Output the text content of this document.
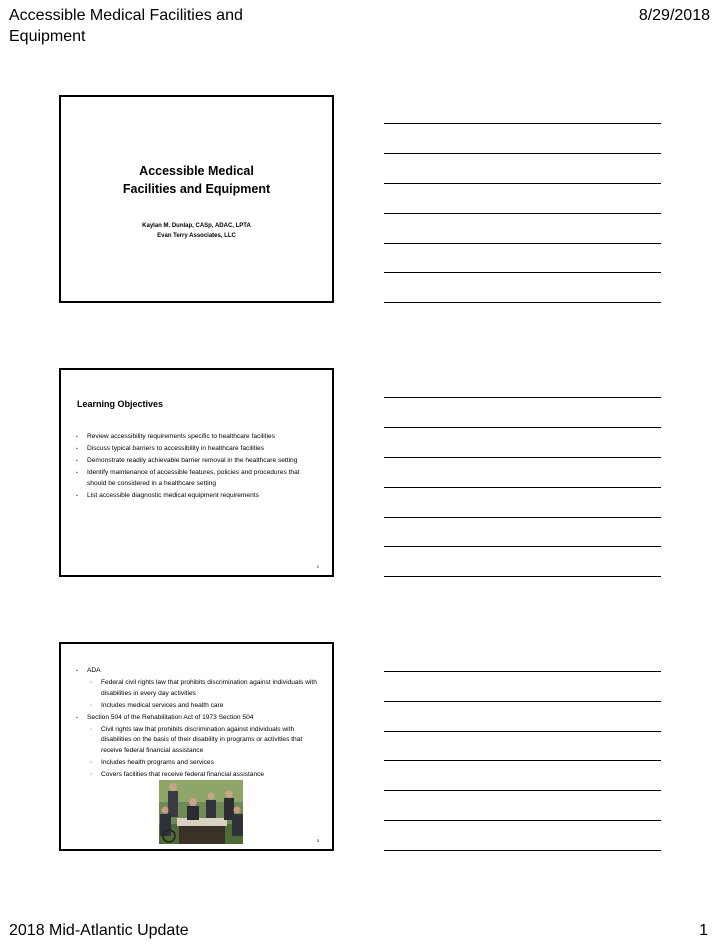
Accessible Medical Facilities and Equipment
8/29/2018
Accessible Medical
Facilities and Equipment
Kaylan M. Dunlap, CASp, ADAC, LPTA
Evan Terry Associates, LLC
Learning Objectives
▪ Review accessibility requirements specific to healthcare facilities
▪ Discuss typical barriers to accessibility in healthcare facilities
▪ Demonstrate readily achievable barrier removal in the healthcare setting
▪ Identify maintenance of accessible features, policies and procedures that should be considered in a healthcare setting
▪ List accessible diagnostic medical equipment requirements
2
▪ ADA
◦ Federal civil rights law that prohibits discrimination against individuals with disabilities in every day activities
◦ Includes medical services and health care
▪ Section 504 of the Rehabilitation Act of 1973 Section 504
◦ Civil rights law that prohibits discrimination against individuals with disabilities on the basis of their disability in programs or activities that receive federal financial assistance
◦ Includes health programs and services
◦ Covers facilities that receive federal financial assistance
3
2018 Mid-Atlantic Update	1
